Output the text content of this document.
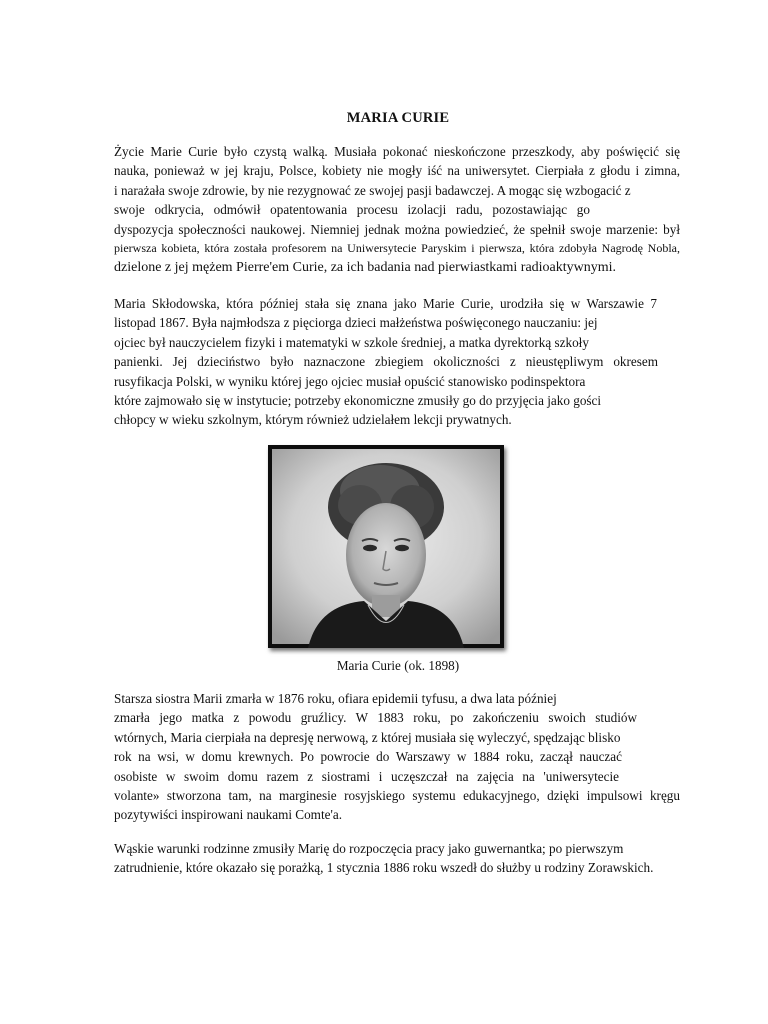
MARIA CURIE
Życie Marie Curie było czystą walką. Musiała pokonać nieskończone przeszkody, aby poświęcić się
nauka, ponieważ w jej kraju, Polsce, kobiety nie mogły iść na uniwersytet. Cierpiała z głodu i zimna,
i narażała swoje zdrowie, by nie rezygnować ze swojej pasji badawczej. A mogąc się wzbogacić z
swoje odkrycia, odmówił opatentowania procesu izolacji radu, pozostawiając go
dyspozycja społeczności naukowej. Niemniej jednak można powiedzieć, że spełnił swoje marzenie: był
pierwsza kobieta, która została profesorem na Uniwersytecie Paryskim i pierwsza, która zdobyła Nagrodę Nobla,
dzielone z jej mężem Pierre'em Curie, za ich badania nad pierwiastkami radioaktywnymi.
Maria Skłodowska, która później stała się znana jako Marie Curie, urodziła się w Warszawie 7
listopad 1867. Była najmłodsza z pięciorga dzieci małżeństwa poświęconego nauczaniu: jej
ojciec był nauczycielem fizyki i matematyki w szkole średniej, a matka dyrektorką szkoły
panienki. Jej dzieciństwo było naznaczone zbiegiem okoliczności z nieustępliwym okresem
rusyfikacja Polski, w wyniku której jego ojciec musiał opuścić stanowisko podinspektora
które zajmowało się w instytucie; potrzeby ekonomiczne zmusiły go do przyjęcia jako gości
chłopcy w wieku szkolnym, którym również udzielałem lekcji prywatnych.
Maria Curie (ok. 1898)
Starsza siostra Marii zmarła w 1876 roku, ofiara epidemii tyfusu, a dwa lata później
zmarła jego matka z powodu gruźlicy. W 1883 roku, po zakończeniu swoich studiów
wtórnych, Maria cierpiała na depresję nerwową, z której musiała się wyleczyć, spędzając blisko
rok na wsi, w domu krewnych. Po powrocie do Warszawy w 1884 roku, zaczął nauczać
osobiste w swoim domu razem z siostrami i uczęszczał na zajęcia na 'uniwersytecie
volante» stworzona tam, na marginesie rosyjskiego systemu edukacyjnego, dzięki impulsowi kręgu
pozytywiści inspirowani naukami Comte'a.
Wąskie warunki rodzinne zmusiły Marię do rozpoczęcia pracy jako guwernantka; po pierwszym
zatrudnienie, które okazało się porażką, 1 stycznia 1886 roku wszedł do służby u rodziny Zorawskich.
